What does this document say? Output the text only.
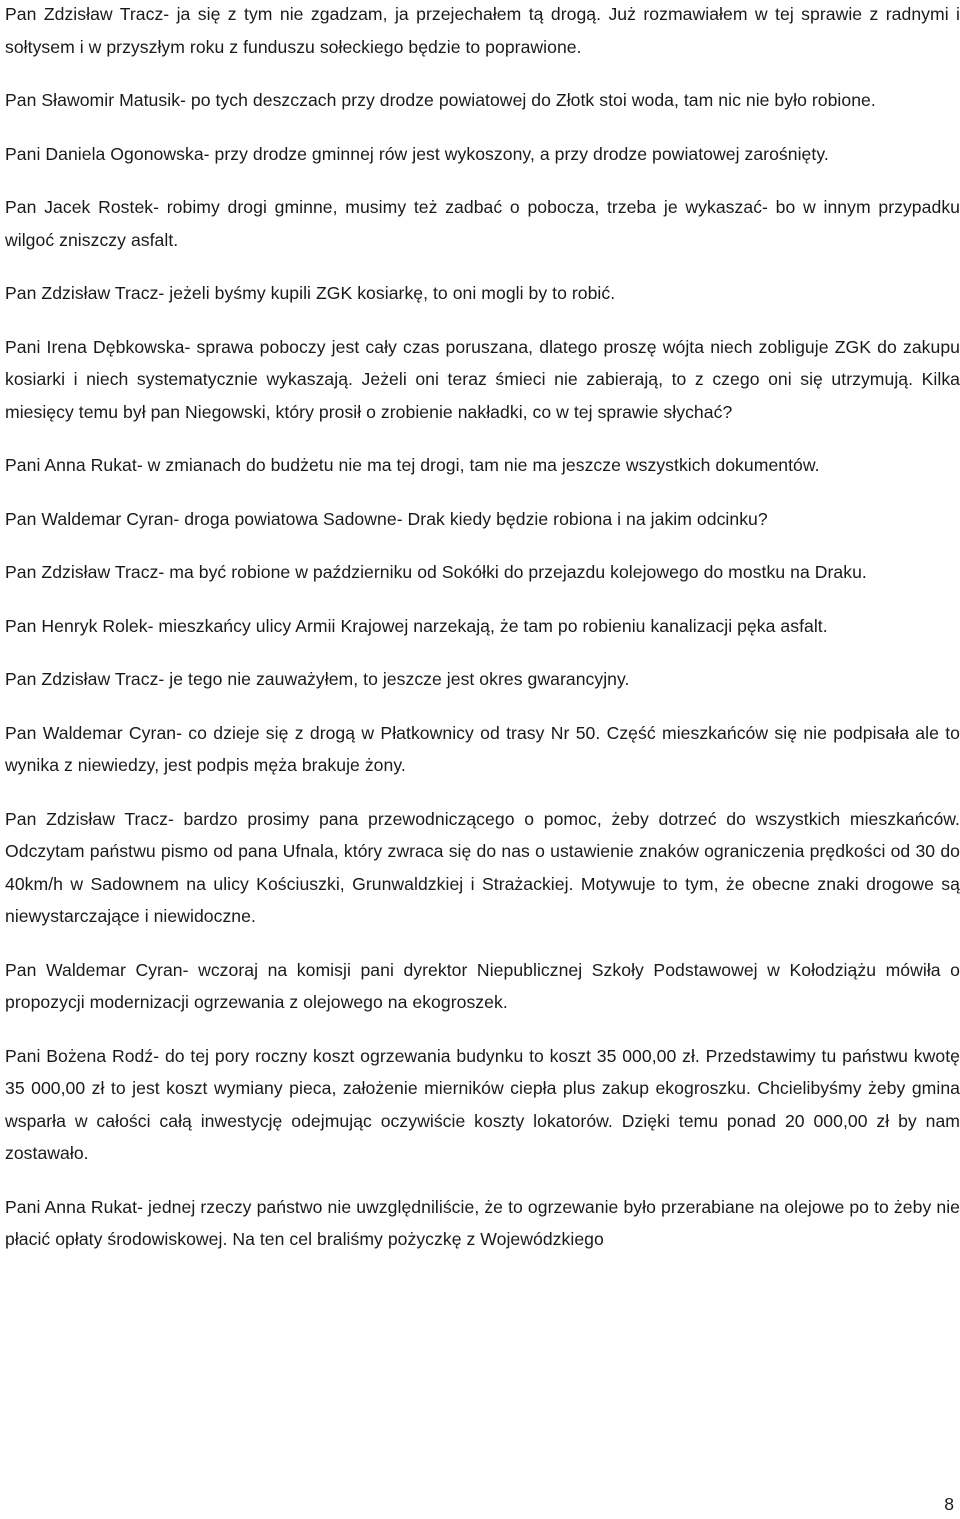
Pan Zdzisław Tracz- ja się z tym nie zgadzam, ja przejechałem tą drogą. Już rozmawiałem w tej sprawie z radnymi i sołtysem i w przyszłym roku z funduszu sołeckiego będzie to poprawione.

Pan Sławomir Matusik- po tych deszczach przy drodze powiatowej do Złotk stoi woda, tam nic nie było robione.

Pani Daniela Ogonowska- przy drodze gminnej rów jest wykoszony, a przy drodze powiatowej zarośnięty.

Pan Jacek Rostek- robimy drogi gminne, musimy też zadbać o pobocza, trzeba je wykaszać- bo w innym przypadku wilgoć zniszczy asfalt.

Pan Zdzisław Tracz- jeżeli byśmy kupili ZGK kosiarkę, to oni mogli by to robić.

Pani Irena Dębkowska- sprawa poboczy jest cały czas poruszana, dlatego proszę wójta niech zobliguje ZGK do zakupu kosiarki i niech systematycznie wykaszają. Jeżeli oni teraz śmieci nie zabierają, to z czego oni się utrzymują. Kilka miesięcy temu był pan Niegowski, który prosił o zrobienie nakładki, co w tej sprawie słychać?

Pani Anna Rukat- w zmianach do budżetu nie ma tej drogi, tam nie ma jeszcze wszystkich dokumentów.

Pan Waldemar Cyran- droga powiatowa Sadowne- Drak kiedy będzie robiona i na jakim odcinku?

Pan Zdzisław Tracz- ma być robione w październiku od Sokółki do przejazdu kolejowego do mostku na Draku.

Pan Henryk Rolek- mieszkańcy ulicy Armii Krajowej narzekają, że tam po robieniu kanalizacji pęka asfalt.

Pan Zdzisław Tracz- je tego nie zauważyłem, to jeszcze jest okres gwarancyjny.

Pan Waldemar Cyran- co dzieje się z drogą w Płatkownicy od trasy Nr 50. Część mieszkańców się nie podpisała ale to wynika z niewiedzy, jest podpis męża brakuje żony.

Pan Zdzisław Tracz- bardzo prosimy pana przewodniczącego o pomoc, żeby dotrzeć do wszystkich mieszkańców. Odczytam państwu pismo od pana Ufnala, który zwraca się do nas o ustawienie znaków ograniczenia prędkości od 30 do 40km/h w Sadownem na ulicy Kościuszki, Grunwaldzkiej i Strażackiej. Motywuje to tym, że obecne znaki drogowe są niewystarczające i niewidoczne.

Pan Waldemar Cyran- wczoraj na komisji pani dyrektor Niepublicznej Szkoły Podstawowej w Kołodziążu mówiła o propozycji modernizacji ogrzewania z olejowego na ekogroszek.

Pani Bożena Rodź- do tej pory roczny koszt ogrzewania budynku to koszt 35 000,00 zł. Przedstawimy tu państwu kwotę 35 000,00 zł to jest koszt wymiany pieca, założenie mierników ciepła plus zakup ekogroszku. Chcielibyśmy żeby gmina wsparła w całości całą inwestycję odejmując oczywiście koszty lokatorów. Dzięki temu ponad 20 000,00 zł by nam zostawało.

Pani Anna Rukat- jednej rzeczy państwo nie uwzględniliście, że to ogrzewanie było przerabiane na olejowe po to żeby nie płacić opłaty środowiskowej. Na ten cel braliśmy pożyczkę z Wojewódzkiego

8
